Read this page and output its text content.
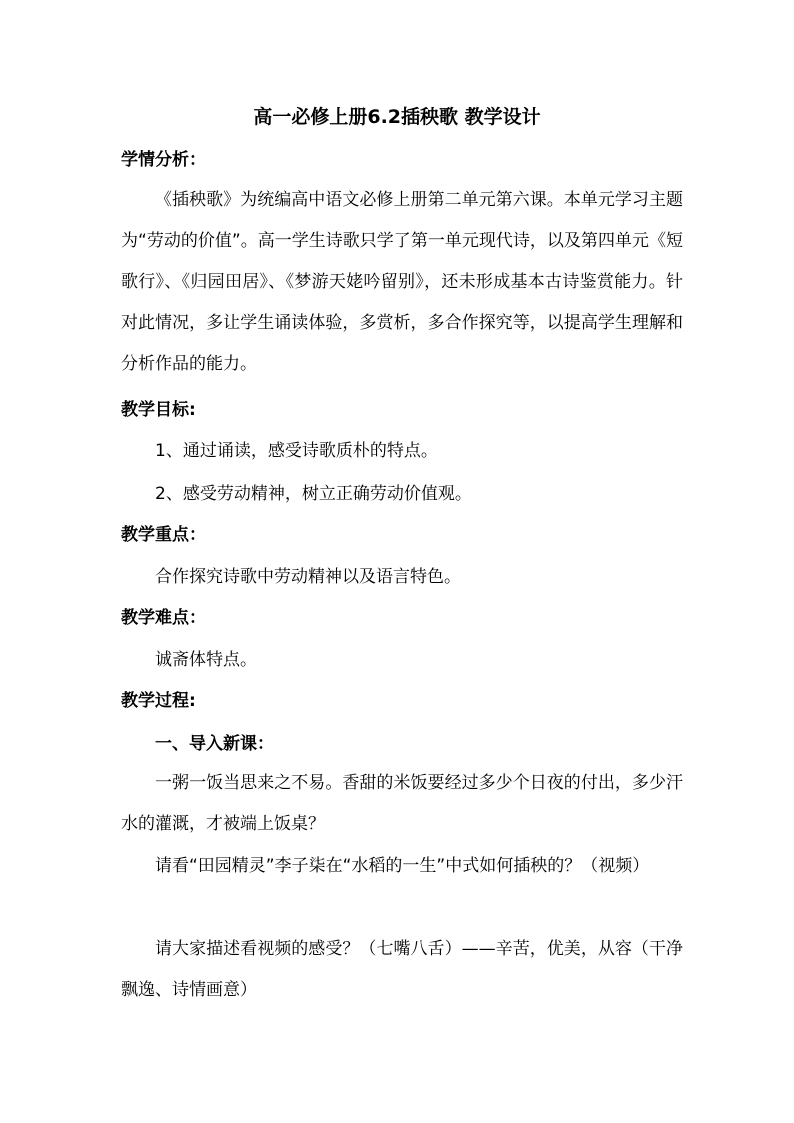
高一必修上册6.2插秧歌 教学设计
学情分析：
《插秧歌》为统编高中语文必修上册第二单元第六课。本单元学习主题为“劳动的价值”。高一学生诗歌只学了第一单元现代诗，以及第四单元《短歌行》、《归园田居》、《梦游天姥吟留别》，还未形成基本古诗鉴赏能力。针对此情况，多让学生诵读体验，多赏析，多合作探究等，以提高学生理解和分析作品的能力。
教学目标:
1、通过诵读，感受诗歌质朴的特点。
2、感受劳动精神，树立正确劳动价值观。
教学重点：
合作探究诗歌中劳动精神以及语言特色。
教学难点：
诚斋体特点。
教学过程:
一、导入新课：
一粥一饭当思来之不易。香甜的米饭要经过多少个日夜的付出，多少汗水的灌溉，才被端上饭桌？
请看“田园精灵”李子柒在“水稻的一生”中式如何插秧的？（视频）
请大家描述看视频的感受？（七嘴八舌）——辛苦，优美，从容（干净飘逸、诗情画意）
